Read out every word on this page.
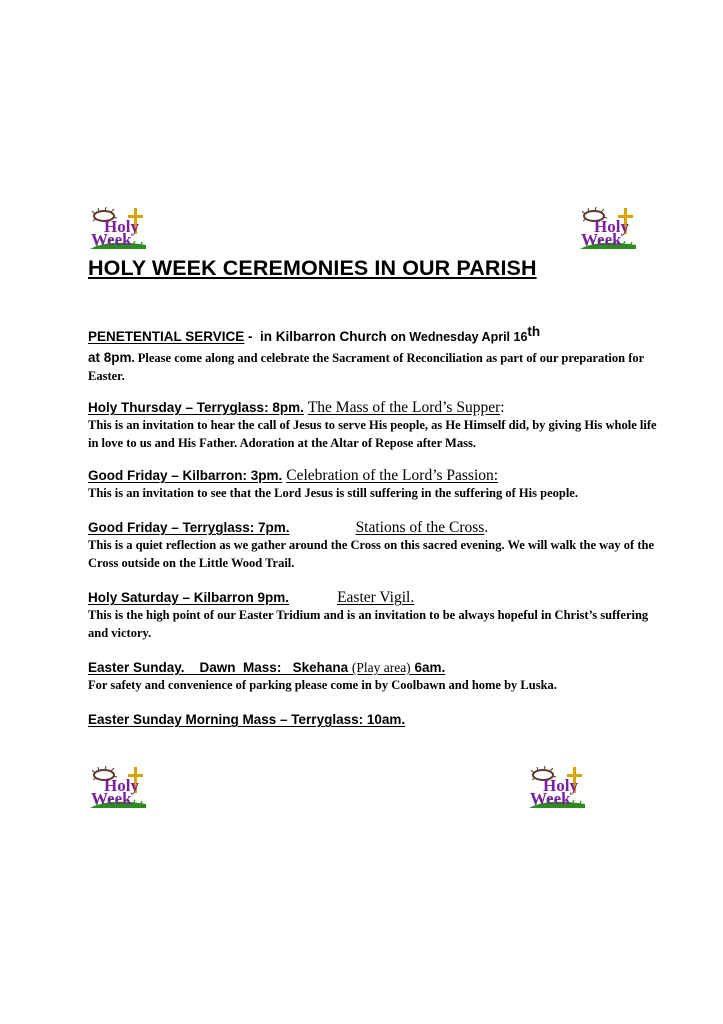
Holy
Week
Holy
Week
HOLY WEEK CEREMONIES IN OUR PARISH
PENETENTIAL SERVICE -  in Kilbarron Church on Wednesday April 16th
at 8pm. Please come along and celebrate the Sacrament of Reconciliation as part of our preparation for Easter.
Holy Thursday – Terryglass: 8pm. The Mass of the Lord’s Supper:
This is an invitation to hear the call of Jesus to serve His people, as He Himself did, by giving His whole life in love to us and His Father. Adoration at the Altar of Repose after Mass.
Good Friday – Kilbarron: 3pm. Celebration of the Lord’s Passion:
This is an invitation to see that the Lord Jesus is still suffering in the suffering of His people.
Good Friday – Terryglass: 7pm.	Stations of the Cross.
This is a quiet reflection as we gather around the Cross on this sacred evening. We will walk the way of the Cross outside on the Little Wood Trail.
Holy Saturday – Kilbarron 9pm.	Easter Vigil.
This is the high point of our Easter Tridium and is an invitation to be always hopeful in Christ’s suffering and victory.
Easter Sunday.    Dawn  Mass:   Skehana (Play area) 6am.
For safety and convenience of parking please come in by Coolbawn and home by Luska.
Easter Sunday Morning Mass – Terryglass: 10am.
Holy
Week
Holy
Week
